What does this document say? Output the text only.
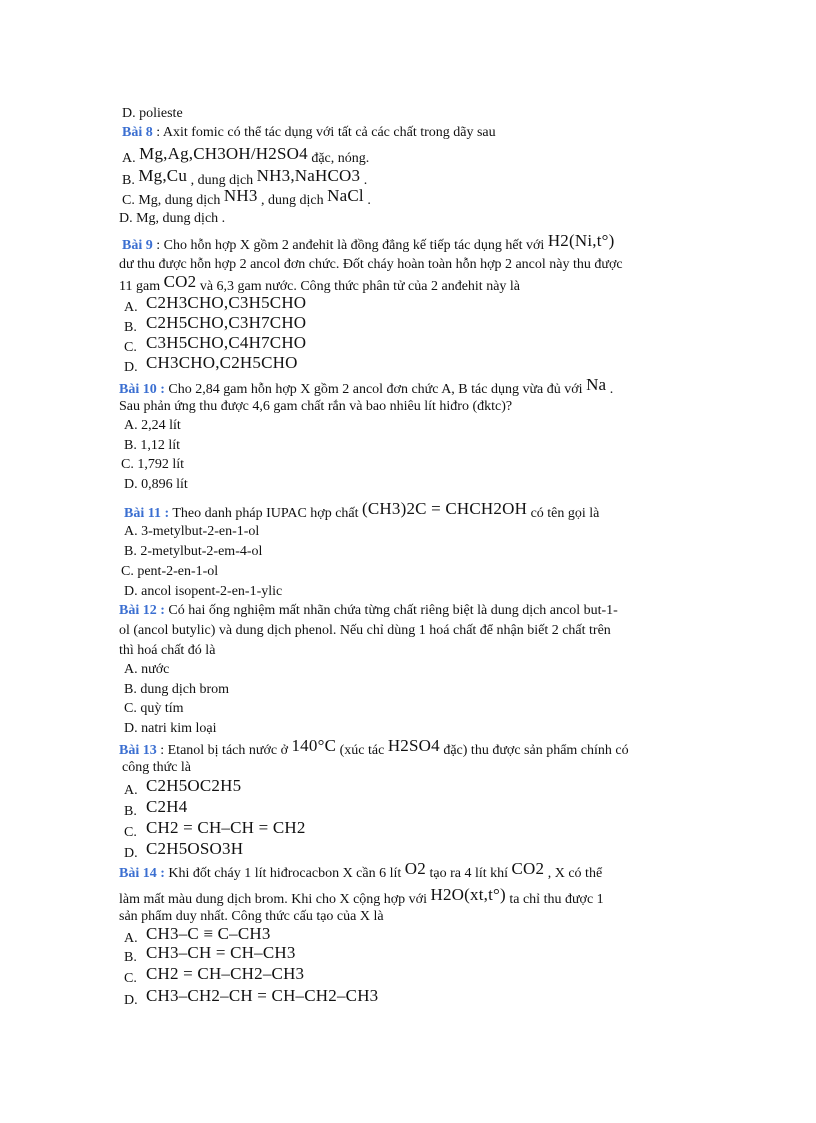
D. polieste
Bài 8 : Axit fomic có thể tác dụng với tất cả các chất trong dãy sau
A. Mg,Ag,CH3OH/H2SO4 đặc, nóng.
B. Mg,Cu , dung dịch NH3,NaHCO3 .
C. Mg, dung dịch NH3 , dung dịch NaCl .
D. Mg, dung dịch .
Bài 9 : Cho hỗn hợp X gồm 2 anđehit là đồng đẳng kế tiếp tác dụng hết với H2(Ni,t°)
dư thu được hỗn hợp 2 ancol đơn chức. Đốt cháy hoàn toàn hỗn hợp 2 ancol này thu được
11 gam CO2 và 6,3 gam nước. Công thức phân tử của 2 anđehit này là
A. C2H3CHO,C3H5CHO
B. C2H5CHO,C3H7CHO
C. C3H5CHO,C4H7CHO
D. CH3CHO,C2H5CHO
Bài 10 : Cho 2,84 gam hỗn hợp X gồm 2 ancol đơn chức A, B tác dụng vừa đủ với Na .
Sau phản ứng thu được 4,6 gam chất rắn và bao nhiêu lít hiđro (đktc)?
A. 2,24 lít
B. 1,12 lít
C. 1,792 lít
D. 0,896 lít
Bài 11 : Theo danh pháp IUPAC hợp chất (CH3)2C = CHCH2OH có tên gọi là
A. 3-metylbut-2-en-1-ol
B. 2-metylbut-2-em-4-ol
C. pent-2-en-1-ol
D. ancol isopent-2-en-1-ylic
Bài 12 : Có hai ống nghiệm mất nhãn chứa từng chất riêng biệt là dung dịch ancol but-1-
ol (ancol butylic) và dung dịch phenol. Nếu chỉ dùng 1 hoá chất để nhận biết 2 chất trên
thì hoá chất đó là
A. nước
B. dung dịch brom
C. quỳ tím
D. natri kim loại
Bài 13 : Etanol bị tách nước ở 140°C (xúc tác H2SO4 đặc) thu được sản phẩm chính có
công thức là
A. C2H5OC2H5
B. C2H4
C. CH2 = CH–CH = CH2
D. C2H5OSO3H
Bài 14 : Khi đốt cháy 1 lít hiđrocacbon X cần 6 lít O2 tạo ra 4 lít khí CO2 , X có thể
làm mất màu dung dịch brom. Khi cho X cộng hợp với H2O(xt,t°) ta chỉ thu được 1
sản phẩm duy nhất. Công thức cấu tạo của X là
A. CH3–C ≡ C–CH3
B. CH3–CH = CH–CH3
C. CH2 = CH–CH2–CH3
D. CH3–CH2–CH = CH–CH2–CH3
